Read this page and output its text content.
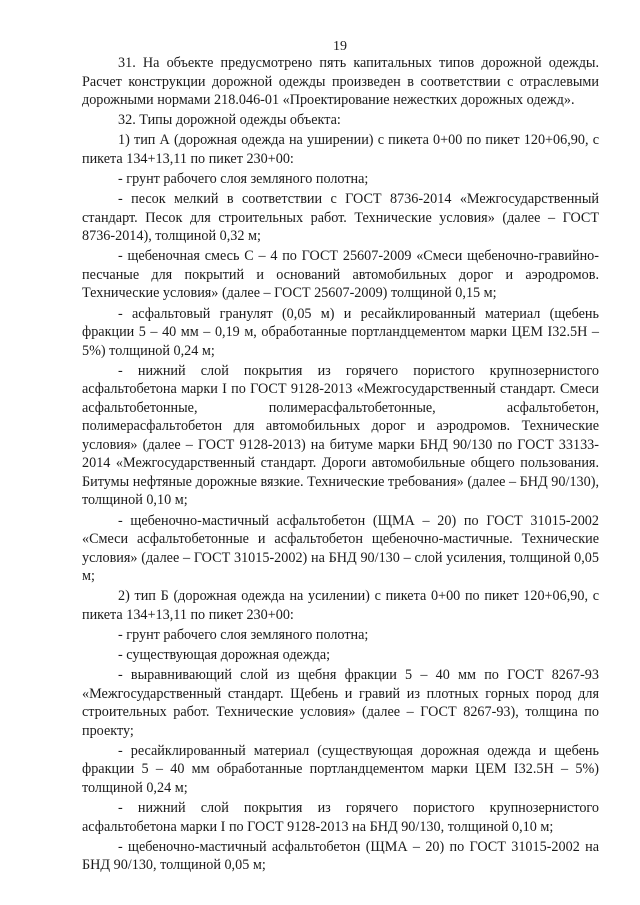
19

31. На объекте предусмотрено пять капитальных типов дорожной одежды. Расчет конструкции дорожной одежды произведен в соответствии с отраслевыми дорожными нормами 218.046-01 «Проектирование нежестких дорожных одежд».

32. Типы дорожной одежды объекта:

1) тип А (дорожная одежда на уширении) с пикета 0+00 по пикет 120+06,90, с пикета 134+13,11 по пикет 230+00:

- грунт рабочего слоя земляного полотна;

- песок мелкий в соответствии с ГОСТ 8736-2014 «Межгосударственный стандарт. Песок для строительных работ. Технические условия» (далее – ГОСТ 8736-2014), толщиной 0,32 м;

- щебеночная смесь С – 4 по ГОСТ 25607-2009 «Смеси щебеночно-гравийно-песчаные для покрытий и оснований автомобильных дорог и аэродромов. Технические условия» (далее – ГОСТ 25607-2009) толщиной 0,15 м;

- асфальтовый гранулят (0,05 м) и ресайклированный материал (щебень фракции 5 – 40 мм – 0,19 м, обработанные портландцементом марки ЦЕМ I32.5Н – 5%) толщиной 0,24 м;

- нижний слой покрытия из горячего пористого крупнозернистого асфальтобетона марки I по ГОСТ 9128-2013 «Межгосударственный стандарт. Смеси асфальтобетонные, полимерасфальтобетонные, асфальтобетон, полимерасфальтобетон для автомобильных дорог и аэродромов. Технические условия» (далее – ГОСТ 9128-2013) на битуме марки БНД 90/130 по ГОСТ 33133-2014 «Межгосударственный стандарт. Дороги автомобильные общего пользования. Битумы нефтяные дорожные вязкие. Технические требования» (далее – БНД 90/130), толщиной 0,10 м;

- щебеночно-мастичный асфальтобетон (ЩМА – 20) по ГОСТ 31015-2002 «Смеси асфальтобетонные и асфальтобетон щебеночно-мастичные. Технические условия» (далее – ГОСТ 31015-2002) на БНД 90/130 – слой усиления, толщиной 0,05 м;

2) тип Б (дорожная одежда на усилении) с пикета 0+00 по пикет 120+06,90, с пикета 134+13,11 по пикет 230+00:

- грунт рабочего слоя земляного полотна;

- существующая дорожная одежда;

- выравнивающий слой из щебня фракции 5 – 40 мм по ГОСТ 8267-93 «Межгосударственный стандарт. Щебень и гравий из плотных горных пород для строительных работ. Технические условия» (далее – ГОСТ 8267-93), толщина по проекту;

- ресайклированный материал (существующая дорожная одежда и щебень фракции 5 – 40 мм обработанные портландцементом марки ЦЕМ I32.5Н – 5%) толщиной 0,24 м;

- нижний слой покрытия из горячего пористого крупнозернистого асфальтобетона марки I по ГОСТ 9128-2013 на БНД 90/130, толщиной 0,10 м;

- щебеночно-мастичный асфальтобетон (ЩМА – 20) по ГОСТ 31015-2002 на БНД 90/130, толщиной 0,05 м;
